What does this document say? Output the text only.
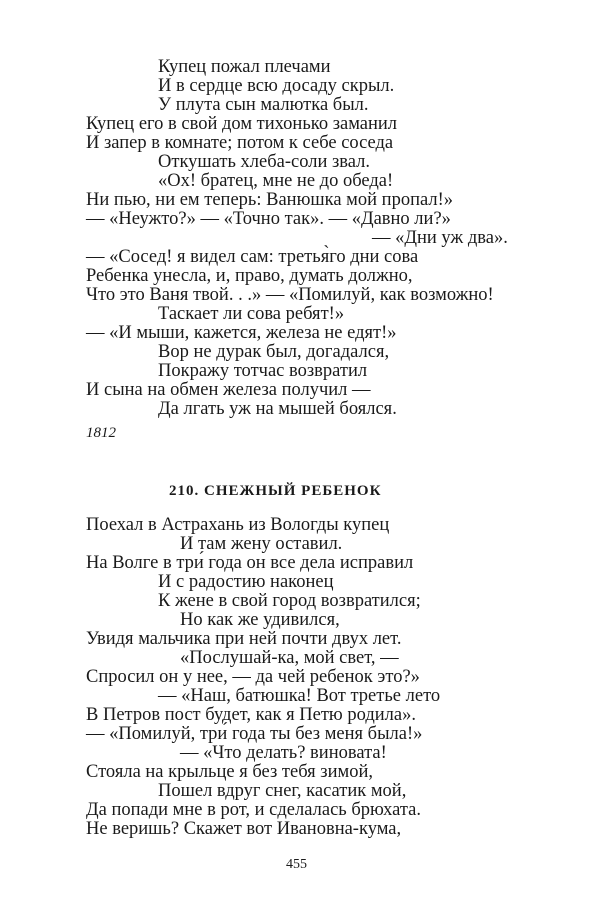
Купец пожал плечами
И в сердце всю досаду скрыл.
У плута сын малютка был.
Купец его в свой дом тихонько заманил
И запер в комнате; потом к себе соседа
Откушать хлеба-соли звал.
«Ох! братец, мне не до обеда!
Ни пью, ни ем теперь: Ванюшка мой пропал!»
— «Неужто?» — «Точно так». — «Давно ли?»
— «Дни уж два».
— «Сосед! я видел сам: третья̀го дни сова
Ребенка унесла, и, право, думать должно,
Что это Ваня твой. . .» — «Помилуй, как возможно!
Таскает ли сова ребят!»
— «И мыши, кажется, железа не едят!»
Вор не дурак был, догадался,
Покражу тотчас возвратил
И сына на обмен железа получил —
Да лгать уж на мышей боялся.
1812
210. СНЕЖНЫЙ РЕБЕНОК
Поехал в Астрахань из Вологды купец
И там жену оставил.
На Волге в три́ года он все дела исправил
И с радостию наконец
К жене в свой город возвратился;
Но как же удивился,
Увидя мальчика при ней почти двух лет.
«Послушай-ка, мой свет, —
Спросил он у нее, — да чей ребенок это?»
— «Наш, батюшка! Вот третье лето
В Петров пост будет, как я Петю родила».
— «Помилуй, три́ года ты без меня была!»
— «Что делать? виновата!
Стояла на крыльце я без тебя зимой,
Пошел вдруг снег, касатик мой,
Да попади мне в рот, и сделалась брюхата.
Не веришь? Скажет вот Ивановна-кума,
455
